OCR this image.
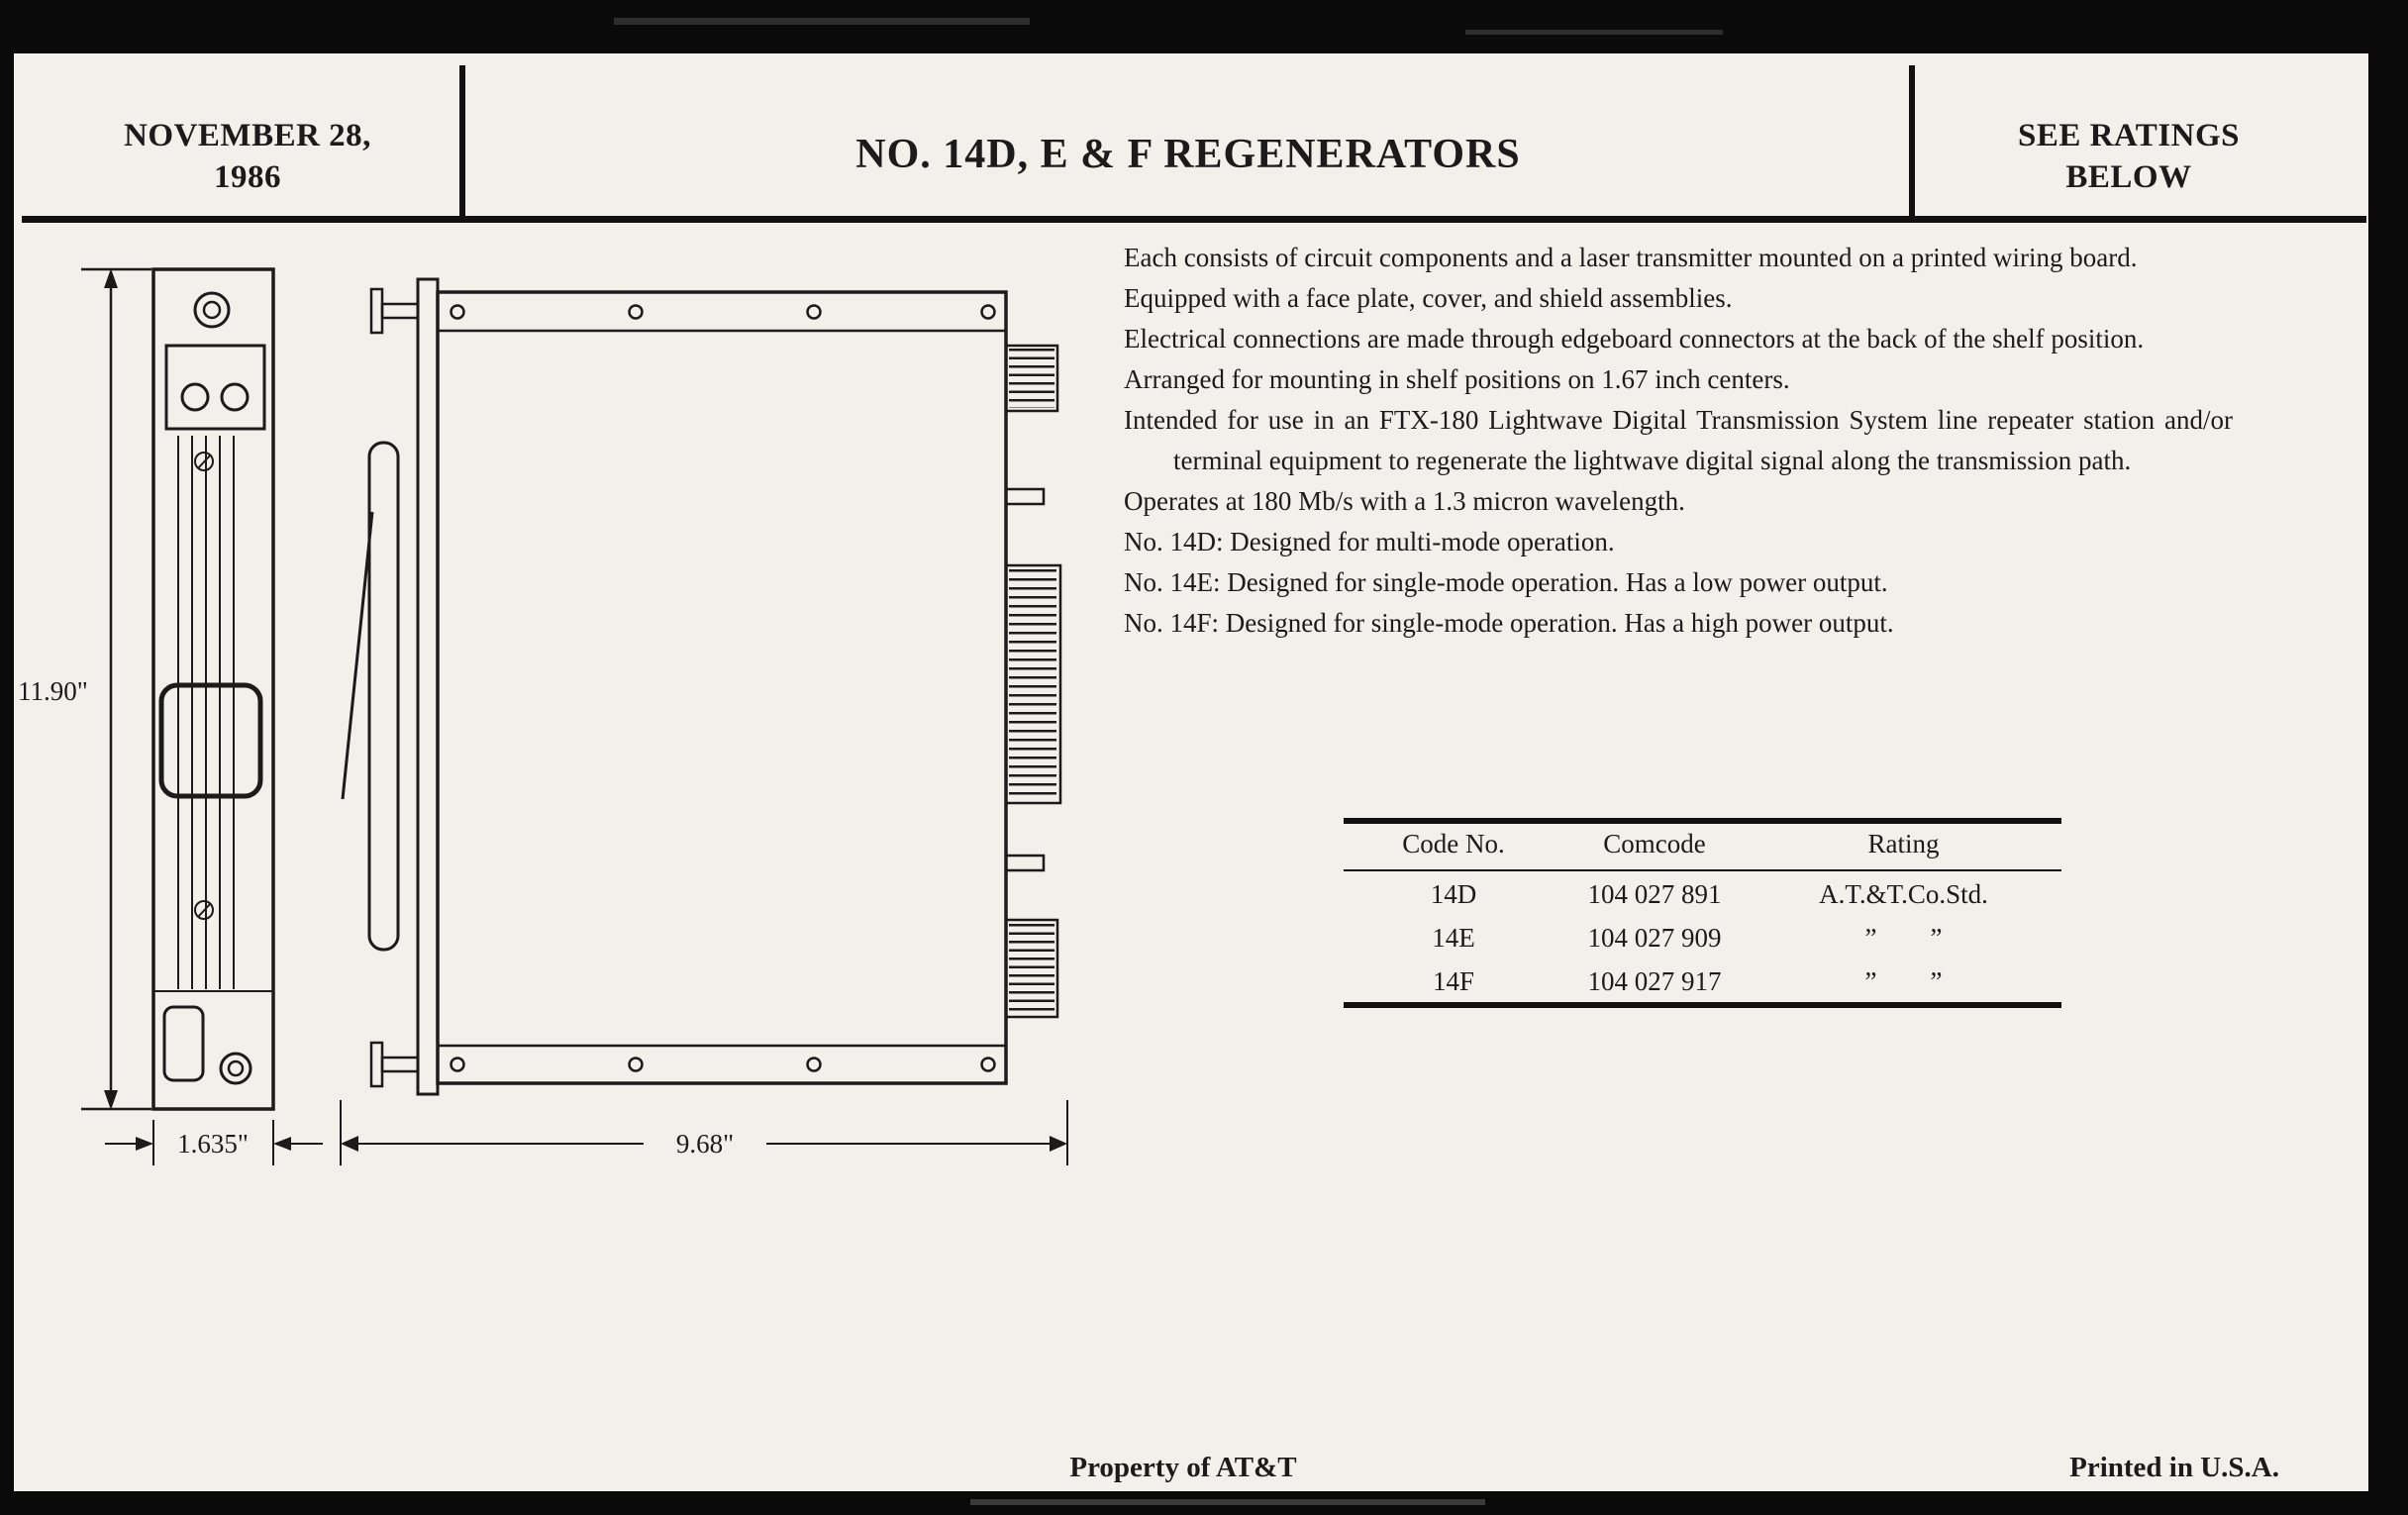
NOVEMBER 28,
1986	NO. 14D, E & F REGENERATORS	SEE RATINGS
BELOW
11.90"
1.635"	9.68"

Each consists of circuit components and a laser transmitter mounted on a printed wiring board.

Equipped with a face plate, cover, and shield assemblies.

Electrical connections are made through edgeboard connectors at the back of the shelf position.

Arranged for mounting in shelf positions on 1.67 inch centers.

Intended for use in an FTX-180 Lightwave Digital Transmission System line repeater station and/or terminal equipment to regenerate the lightwave digital signal along the transmission path.

Operates at 180 Mb/s with a 1.3 micron wavelength.

No. 14D: Designed for multi-mode operation.

No. 14E: Designed for single-mode operation. Has a low power output.

No. 14F: Designed for single-mode operation. Has a high power output.

Code No.	Comcode	Rating
14D	104 027 891	A.T.&T.Co.Std.
14E	104 027 909	”  ”
14F	104 027 917	”  ”
Property of AT&T	Printed in U.S.A.
